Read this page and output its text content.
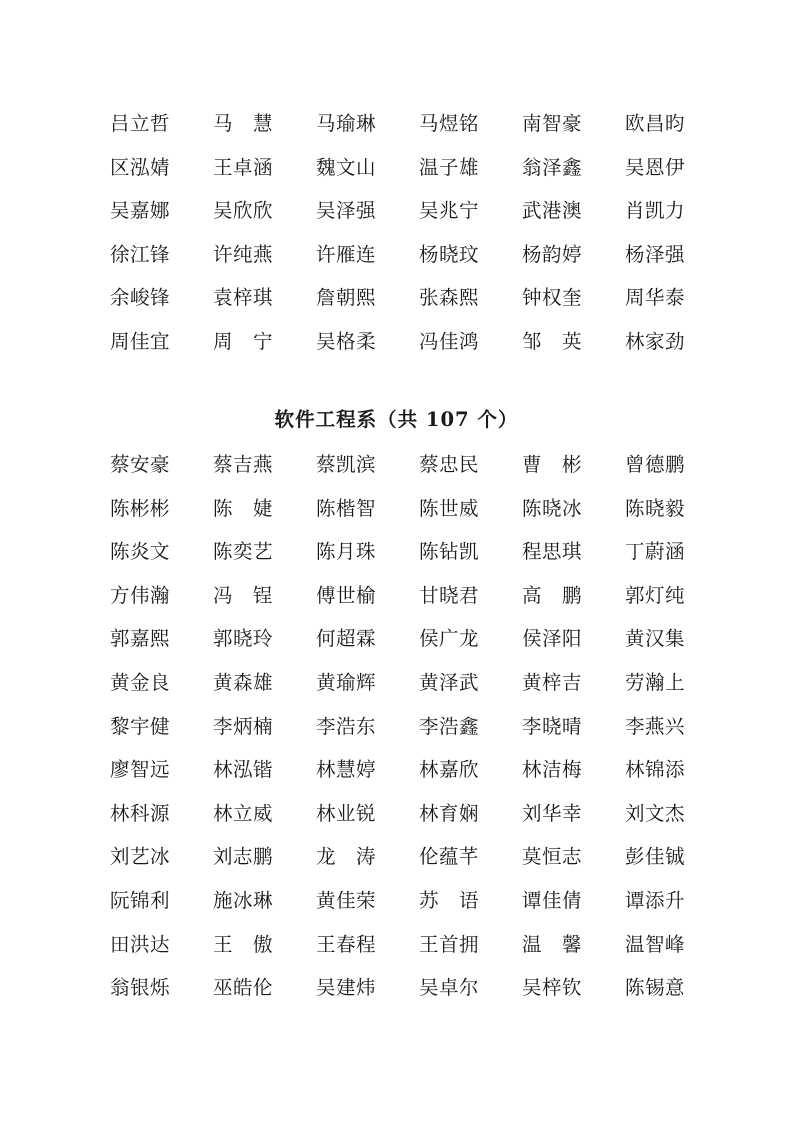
吕立哲	马　慧	马瑜琳	马煜铭	南智豪	欧昌昀
区泓婧	王卓涵	魏文山	温子雄	翁泽鑫	吴恩伊
吴嘉娜	吴欣欣	吴泽强	吴兆宁	武港澳	肖凯力
徐江锋	许纯燕	许雁连	杨晓玟	杨韵婷	杨泽强
余峻锋	袁梓琪	詹朝熙	张森熙	钟权奎	周华泰
周佳宜	周　宁	吴格柔	冯佳鸿	邹　英	林家劲
软件工程系（共 107 个）
蔡安豪	蔡吉燕	蔡凯滨	蔡忠民	曹　彬	曾德鹏
陈彬彬	陈　婕	陈楷智	陈世威	陈晓冰	陈晓毅
陈炎文	陈奕艺	陈月珠	陈钻凯	程思琪	丁蔚涵
方伟瀚	冯　锃	傅世榆	甘晓君	高　鹏	郭灯纯
郭嘉熙	郭晓玲	何超霖	侯广龙	侯泽阳	黄汉集
黄金良	黄森雄	黄瑜辉	黄泽武	黄梓吉	劳瀚上
黎宇健	李炳楠	李浩东	李浩鑫	李晓晴	李燕兴
廖智远	林泓锴	林慧婷	林嘉欣	林洁梅	林锦添
林科源	林立威	林业锐	林育娴	刘华幸	刘文杰
刘艺冰	刘志鹏	龙　涛	伦蕴芊	莫恒志	彭佳铖
阮锦利	施冰琳	黄佳荣	苏　语	谭佳倩	谭添升
田洪达	王　傲	王春程	王首拥	温　馨	温智峰
翁银烁	巫皓伦	吴建炜	吴卓尔	吴梓钦	陈锡意
